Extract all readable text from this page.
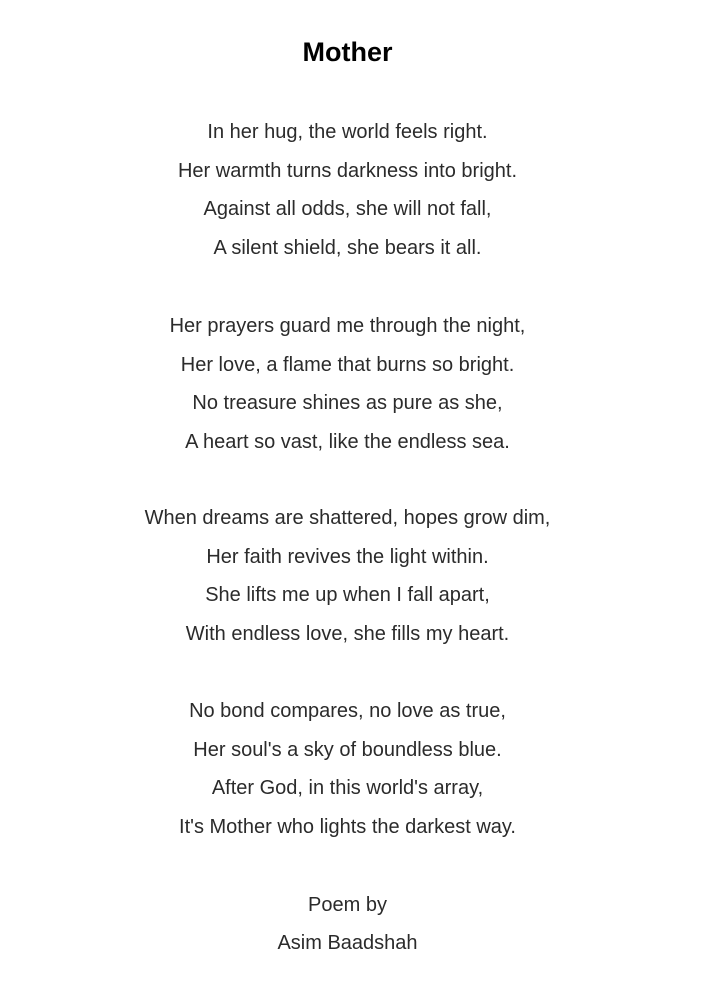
Mother
In her hug, the world feels right.
Her warmth turns darkness into bright.
Against all odds, she will not fall,
A silent shield, she bears it all.
Her prayers guard me through the night,
Her love, a flame that burns so bright.
No treasure shines as pure as she,
A heart so vast, like the endless sea.
When dreams are shattered, hopes grow dim,
Her faith revives the light within.
She lifts me up when I fall apart,
With endless love, she fills my heart.
No bond compares, no love as true,
Her soul's a sky of boundless blue.
After God, in this world's array,
It's Mother who lights the darkest way.
Poem by
Asim Baadshah
